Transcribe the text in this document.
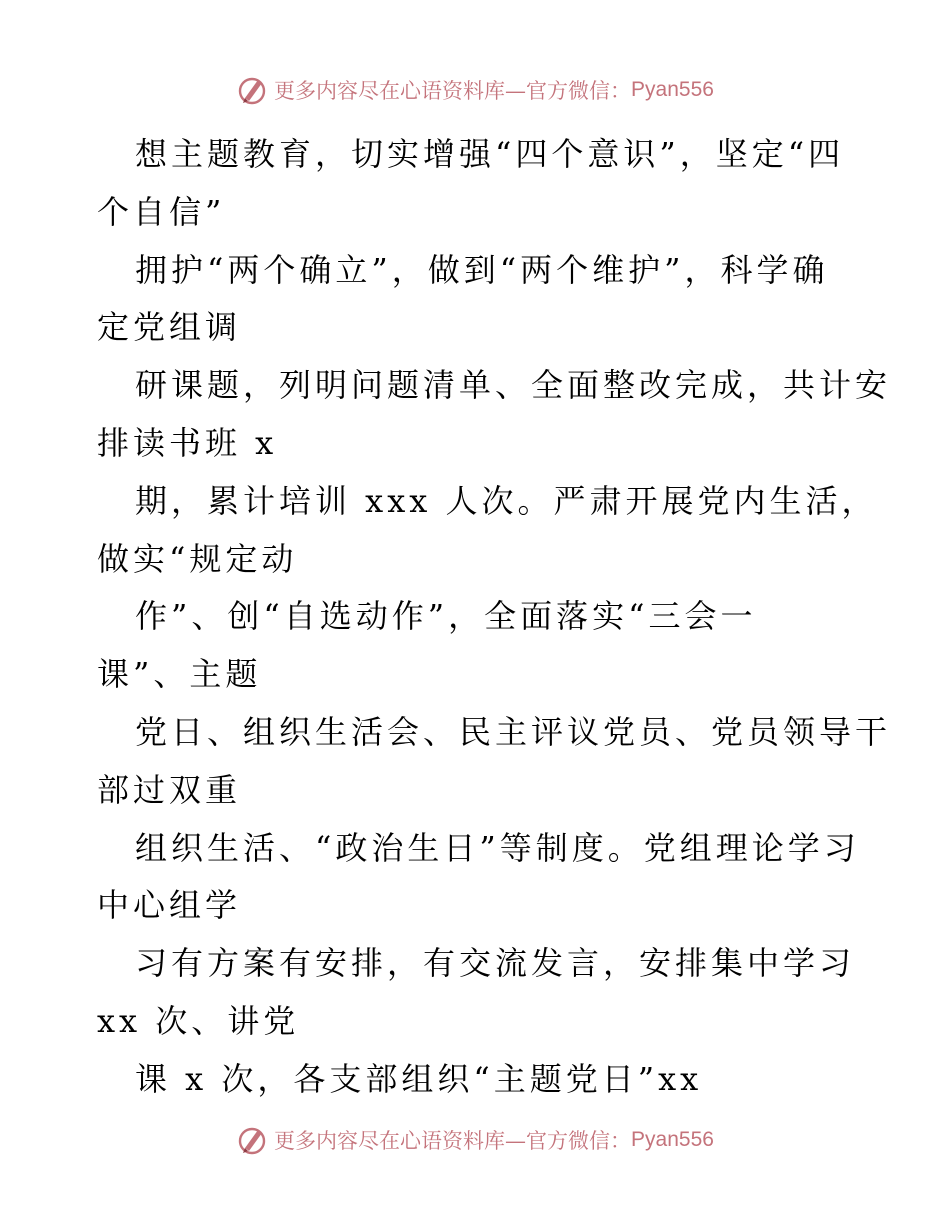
更多内容尽在心语资料库—官方微信： Pyan556
想主题教育，切实增强“四个意识”，坚定“四
个自信”
拥护“两个确立”，做到“两个维护”，科学确
定党组调
研课题，列明问题清单、全面整改完成，共计安
排读书班 x
期，累计培训 xxx 人次。严肃开展党内生活，
做实“规定动
作”、创“自选动作”，全面落实“三会一
课”、主题
党日、组织生活会、民主评议党员、党员领导干
部过双重
组织生活、“政治生日”等制度。党组理论学习
中心组学
习有方案有安排，有交流发言，安排集中学习
xx 次、讲党
课 x 次，各支部组织“主题党日”xx
更多内容尽在心语资料库—官方微信： Pyan556
